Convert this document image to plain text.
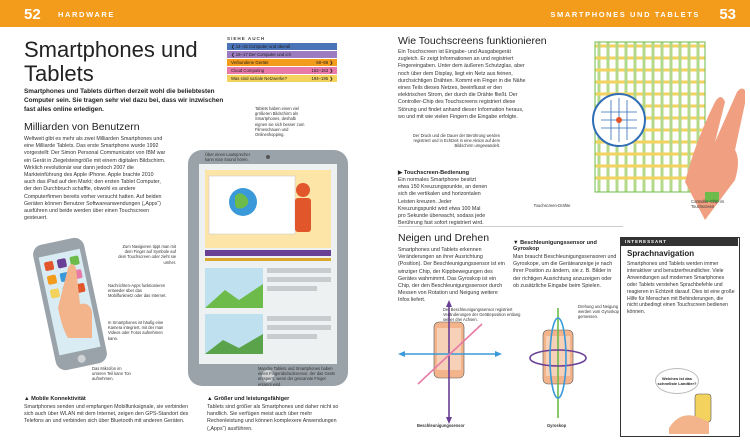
52 HARDWARE
Smartphones und Tablets
Smartphones und Tablets dürften derzeit wohl die beliebtesten Computer sein. Sie tragen sehr viel dazu bei, dass wir inzwischen fast alles online erledigen.
SIEHE AUCH
❮ 14–15 Computer und überall
❮ 16–17 Der Computer und ich
Verbundene Geräte	58–59 ❯
Cloud Computing	152–153 ❯
Was sind soziale Netzwerke?	194–195 ❯
Milliarden von Benutzern
Weltweit gibt es mehr als zwei Milliarden Smartphones und eine Milliarde Tablets. Das erste Smartphone wurde 1992 vorgestellt: Der Simon Personal Communicator von IBM war ein Gerät in Ziegelsteingröße mit einem digitalen Bildschirm. Wirklich revolutionär war dann jedoch 2007 die Markteinführung des Apple iPhone. Apple brachte 2010 auch das iPad auf den Markt; den ersten Tablet Computer, der den Durchbruch schaffte, obwohl es andere Computerfirmen bereits vorher versucht hatten. Auf beiden Geräten können Benutzer Softwareanwendungen („Apps“) ausführen und beide werden über einen Touchscreen gesteuert.
Über einen Lautsprecher kann man Sound hören.
Tablets haben einen viel größeren Bildschirm als Smartphones, deshalb eignen sie sich besser zum Filmeschauen und Onlineshopping.
Zum Navigieren tippt man mit dem Finger auf Symbole auf dem Touchscreen oder zieht sie umher.
Nachrichten-Apps funktionieren entweder über das Mobilfunknetz oder das Internet.
In Smartphones ist häufig eine Kamera integriert, mit der man Videos oder Fotos aufnehmen kann.
Das Mikrofon im unteren Teil kann Ton aufnehmen.
Manche Tablets und Smartphones haben einen Fingerabdrucksensor, der das Gerät entsperrt, wenn der gescannte Finger erkannt wird.
▲ Mobile Konnektivität
Smartphones senden und empfangen Mobilfunksignale, sie verbinden sich auch über WLAN mit dem Internet, zeigen den GPS-Standort des Telefons an und verbinden sich über Bluetooth mit anderen Geräten.
▲ Größer und leistungsfähiger
Tablets sind größer als Smartphones und daher nicht so handlich. Sie verfügen meist auch über mehr Rechenleistung und können komplexere Anwendungen („Apps“) ausführen.
SMARTPHONES UND TABLETS 53
Wie Touchscreens funktionieren
Ein Touchscreen ist Eingabe- und Ausgabegerät zugleich. Er zeigt Informationen an und registriert Fingereingaben. Unter dem äußeren Schutzglas, aber noch über dem Display, liegt ein Netz aus feinen, durchsichtigen Drähten. Kommt ein Finger in die Nähe eines Teils dieses Netzes, beeinflusst er den elektrischen Strom, der durch die Drähte fließt. Der Controller-Chip des Touchscreens registriert diese Störung und findet anhand dieser Information heraus, wo und mit wie vielen Fingern die Eingabe erfolgte.
Der Druck und die Dauer der Berührung werden registriert und in Echtzeit in eine Aktion auf dem Bildschirm umgewandelt.
▶ Touchscreen-Bedienung
Ein normales Smartphone besitzt etwa 150 Kreuzungspunkte, an denen sich die vertikalen und horizontalen Leisten kreuzen. Jeder Kreuzungspunkt wird etwa 100 Mal pro Sekunde überwacht, sodass jede Berührung fast sofort registriert wird.
Touchscreen-Drähte
Controller-Chip im Touchscreen
Neigen und Drehen
Smartphones und Tablets erkennen Veränderungen an ihrer Ausrichtung (Position). Der Beschleunigungssensor ist ein winziger Chip, der Kippbewegungen des Gerätes wahrnimmt. Das Gyroskop ist ein Chip, der den Beschleunigungssensor durch Messen von Rotation und Neigung weitere Infos liefert.
▼ Beschleunigungssensor und Gyroskop
Man braucht Beschleunigungssensoren und Gyroskope, um die Geräteanzeige je nach ihrer Position zu ändern, sie z. B. Bilder in der richtigen Ausrichtung anzuzeigen oder ob zusätzliche Eingabe beim Spielen.
Der Beschleunigungssensor registriert Veränderungen der Geräteposition entlang seiner drei Achsen.
Drehung und Neigung werden vom Gyroskop gemessen.
Beschleunigungssensor	Gyroskop
INTERESSANT
Sprachnavigation
Smartphones und Tablets werden immer interaktiver und benutzerfreundlicher. Viele Anwendungen auf modernen Smartphones oder Tablets verstehen Sprachbefehle und reagieren in Echtzeit darauf. Dies ist eine große Hilfe für Menschen mit Behinderungen, die nicht unbedingt einen Touchscreen bedienen können.
Welches ist das schnellste Landtier?
